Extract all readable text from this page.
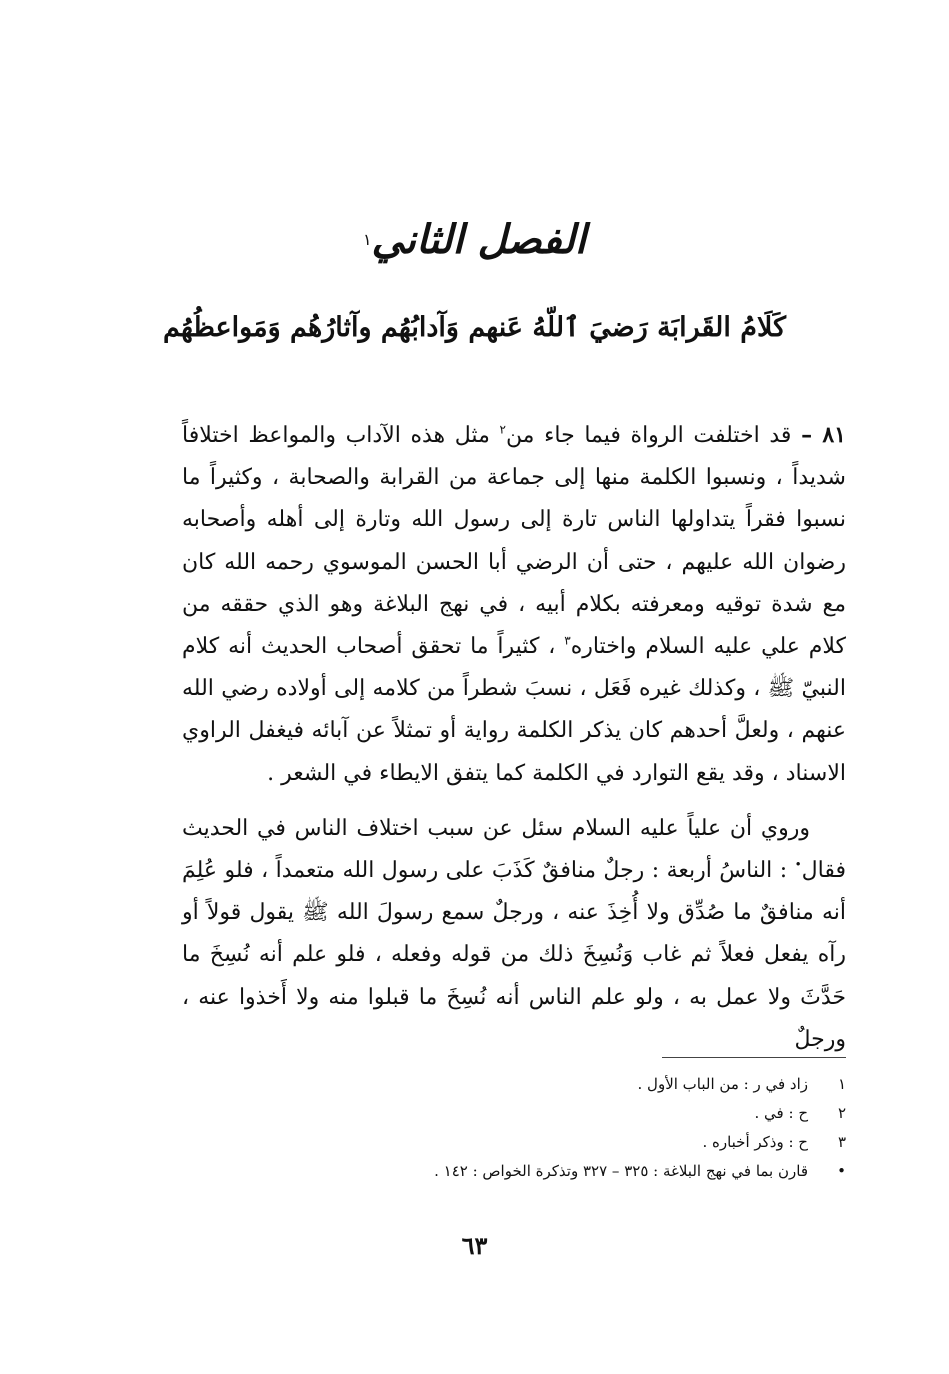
الفصل الثاني$^١$
كَلَامُ القَرابَة رَضيَ ٱللّهُ عَنهم وَآدابُهُم وآثارُهُم وَمَواعظُهُم

٨١ – قد اختلفت الرواة فيما جاء من$^٢$ مثل هذه الآداب والمواعظ اختلافاً شديداً ، ونسبوا الكلمة منها إلى جماعة من القرابة والصحابة ، وكثيراً ما نسبوا فقراً يتداولها الناس تارة إلى رسول الله وتارة إلى أهله وأصحابه رضوان الله عليهم ، حتى أن الرضي أبا الحسن الموسوي رحمه الله كان مع شدة توقيه ومعرفته بكلام أبيه ، في نهج البلاغة وهو الذي حققه من كلام علي عليه السلام واختاره$^٣$ ، كثيراً ما تحقق أصحاب الحديث أنه كلام النبيّ ﷺ ، وكذلك غيره فَعَل ، نسبَ شطراً من كلامه إلى أولاده رضي الله عنهم ، ولعلَّ أحدهم كان يذكر الكلمة رواية أو تمثلاً عن آبائه فيغفل الراوي الاسناد ، وقد يقع التوارد في الكلمة كما يتفق الايطاء في الشعر .

وروي أن علياً عليه السلام سئل عن سبب اختلاف الناس في الحديث فقال• : الناسُ أربعة : رجلٌ منافقٌ كَذَبَ على رسول الله متعمداً ، فلو عُلِمَ أنه منافقٌ ما صُدِّق ولا أُخِذَ عنه ، ورجلٌ سمع رسولَ الله ﷺ يقول قولاً أو رآه يفعل فعلاً ثم غاب وَنُسِخَ ذلك من قوله وفعله ، فلو علم أنه نُسِخَ ما حَدَّثَ ولا عمل به ، ولو علم الناس أنه نُسِخَ ما قبلوا منه ولا أَخذوا عنه ، ورجلٌ

١
زاد في ر : من الباب الأول .
٢
ح : في .
٣
ح : وذكر أخباره .
•
قارن بما في نهج البلاغة : ٣٢٥ – ٣٢٧ وتذكرة الخواص : ١٤٢ .
٦٣
